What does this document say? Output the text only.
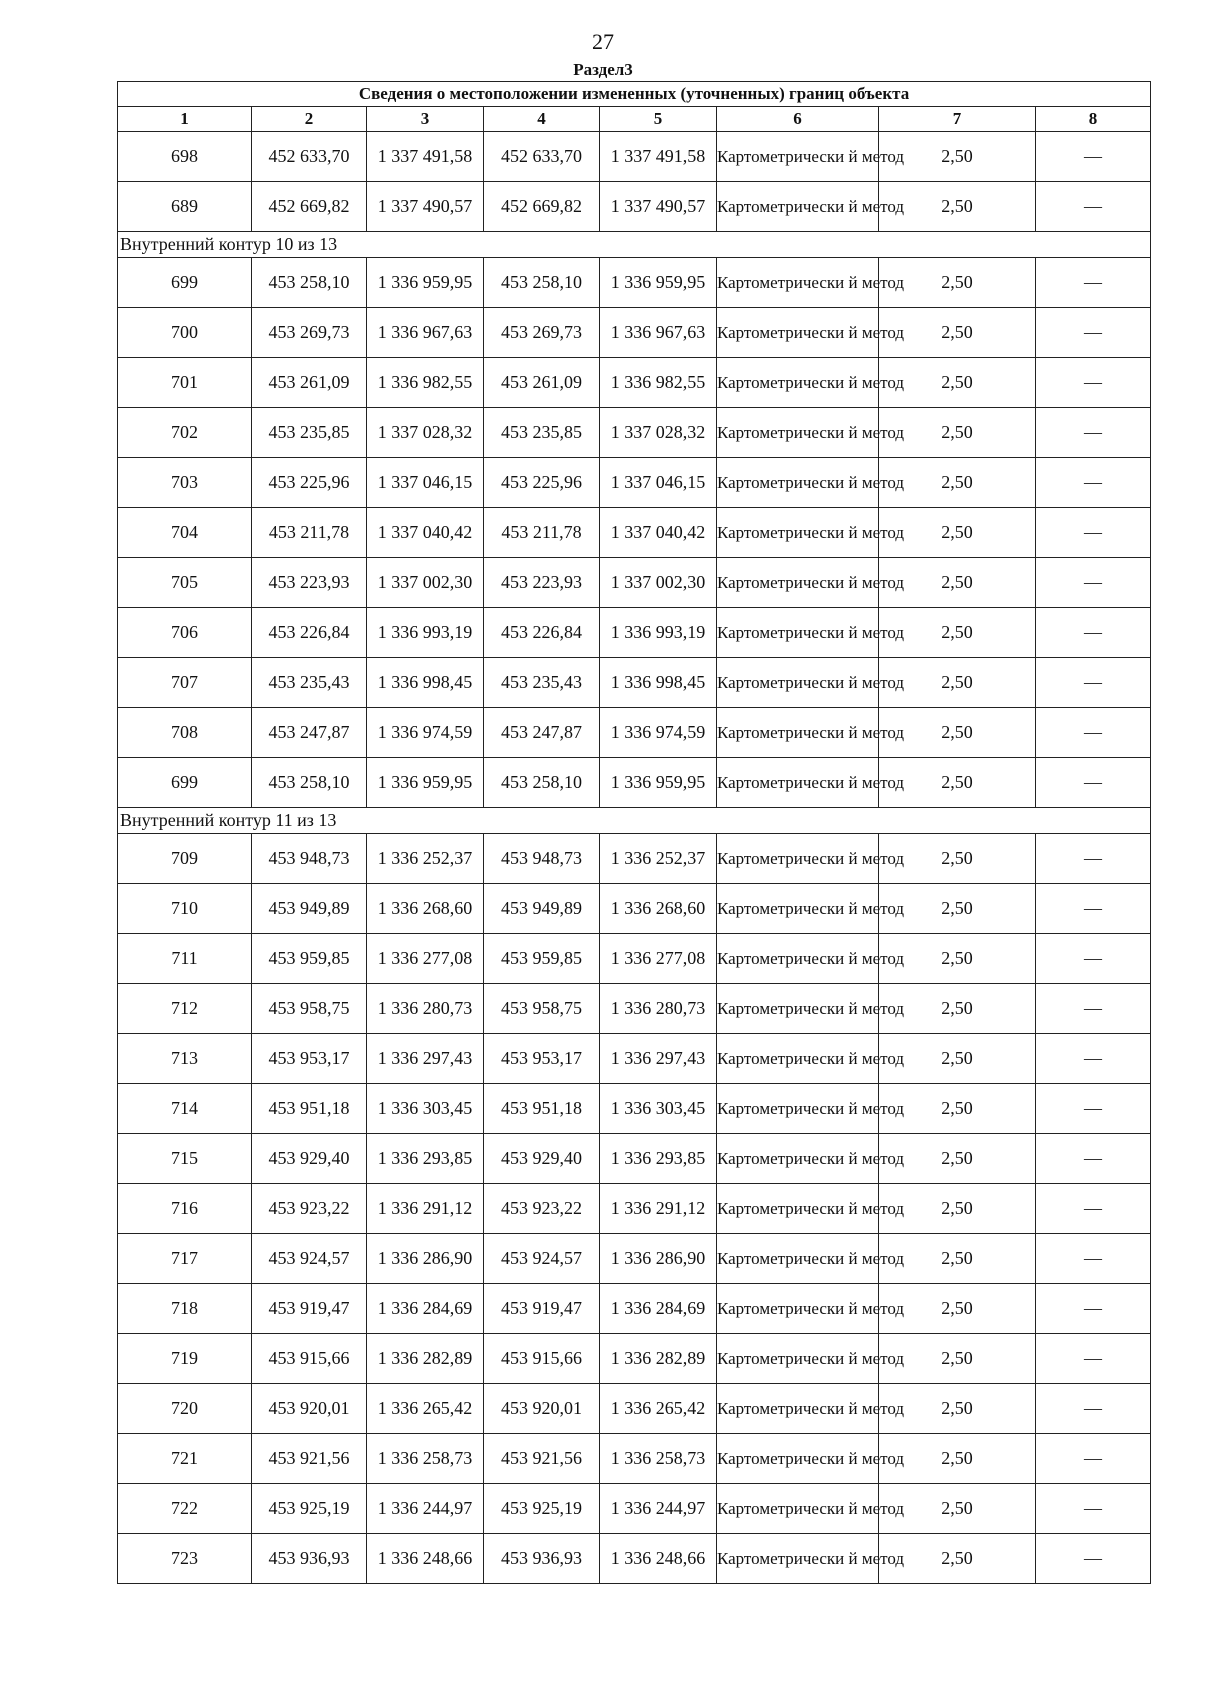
27
Раздел3
Сведения о местоположении измененных (уточненных) границ объекта							
1	2	3	4	5	6	7	8
698	452 633,70	1 337 491,58	452 633,70	1 337 491,58	Картометрически й метод	2,50	—
689	452 669,82	1 337 490,57	452 669,82	1 337 490,57	Картометрически й метод	2,50	—
Внутренний контур 10 из 13							
699	453 258,10	1 336 959,95	453 258,10	1 336 959,95	Картометрически й метод	2,50	—
700	453 269,73	1 336 967,63	453 269,73	1 336 967,63	Картометрически й метод	2,50	—
701	453 261,09	1 336 982,55	453 261,09	1 336 982,55	Картометрически й метод	2,50	—
702	453 235,85	1 337 028,32	453 235,85	1 337 028,32	Картометрически й метод	2,50	—
703	453 225,96	1 337 046,15	453 225,96	1 337 046,15	Картометрически й метод	2,50	—
704	453 211,78	1 337 040,42	453 211,78	1 337 040,42	Картометрически й метод	2,50	—
705	453 223,93	1 337 002,30	453 223,93	1 337 002,30	Картометрически й метод	2,50	—
706	453 226,84	1 336 993,19	453 226,84	1 336 993,19	Картометрически й метод	2,50	—
707	453 235,43	1 336 998,45	453 235,43	1 336 998,45	Картометрически й метод	2,50	—
708	453 247,87	1 336 974,59	453 247,87	1 336 974,59	Картометрически й метод	2,50	—
699	453 258,10	1 336 959,95	453 258,10	1 336 959,95	Картометрически й метод	2,50	—
Внутренний контур 11 из 13							
709	453 948,73	1 336 252,37	453 948,73	1 336 252,37	Картометрически й метод	2,50	—
710	453 949,89	1 336 268,60	453 949,89	1 336 268,60	Картометрически й метод	2,50	—
711	453 959,85	1 336 277,08	453 959,85	1 336 277,08	Картометрически й метод	2,50	—
712	453 958,75	1 336 280,73	453 958,75	1 336 280,73	Картометрически й метод	2,50	—
713	453 953,17	1 336 297,43	453 953,17	1 336 297,43	Картометрически й метод	2,50	—
714	453 951,18	1 336 303,45	453 951,18	1 336 303,45	Картометрически й метод	2,50	—
715	453 929,40	1 336 293,85	453 929,40	1 336 293,85	Картометрически й метод	2,50	—
716	453 923,22	1 336 291,12	453 923,22	1 336 291,12	Картометрически й метод	2,50	—
717	453 924,57	1 336 286,90	453 924,57	1 336 286,90	Картометрически й метод	2,50	—
718	453 919,47	1 336 284,69	453 919,47	1 336 284,69	Картометрически й метод	2,50	—
719	453 915,66	1 336 282,89	453 915,66	1 336 282,89	Картометрически й метод	2,50	—
720	453 920,01	1 336 265,42	453 920,01	1 336 265,42	Картометрически й метод	2,50	—
721	453 921,56	1 336 258,73	453 921,56	1 336 258,73	Картометрически й метод	2,50	—
722	453 925,19	1 336 244,97	453 925,19	1 336 244,97	Картометрически й метод	2,50	—
723	453 936,93	1 336 248,66	453 936,93	1 336 248,66	Картометрически й метод	2,50	—
